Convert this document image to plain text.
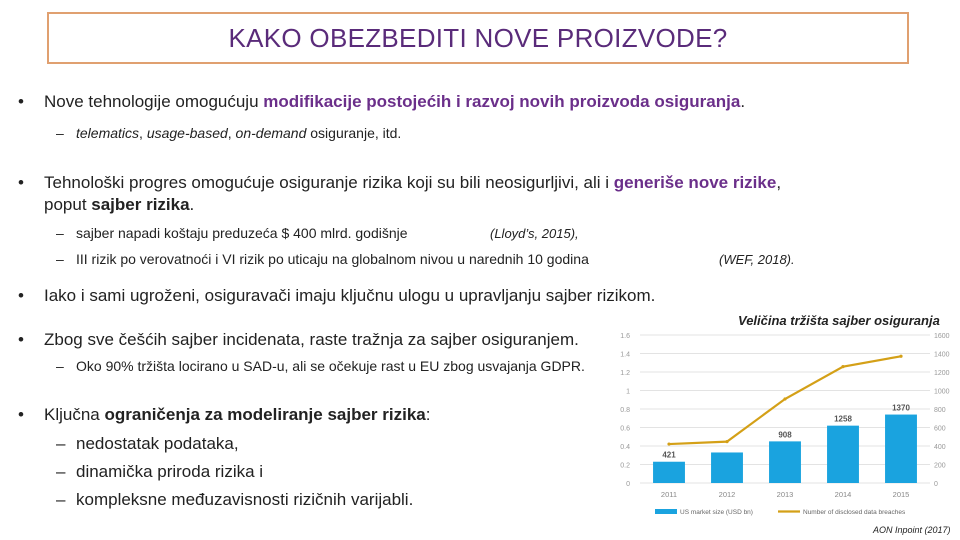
KAKO OBEZBEDITI NOVE PROIZVODE?
• Nove tehnologije omogućuju modifikacije postojećih i razvoj novih proizvoda osiguranja.
– telematics, usage-based, on-demand osiguranje, itd.
• Tehnološki progres omogućuje osiguranje rizika koji su bili neosigurljivi, ali i generiše nove rizike,
poput sajber rizika.
– sajber napadi koštaju preduzeća $ 400 mlrd. godišnje	(Lloyd’s, 2015),
– III rizik po verovatnoći i VI rizik po uticaju na globalnom nivou u narednih 10 godina	(WEF, 2018).
• Iako i sami ugroženi, osiguravači imaju ključnu ulogu u upravljanju sajber rizikom.
• Zbog sve češćih sajber incidenata, raste tražnja za sajber osiguranjem.
– Oko 90% tržišta locirano u SAD-u, ali se očekuje rast u EU zbog usvajanja GDPR.
• Ključna ograničenja za modeliranje sajber rizika:
– nedostatak podataka,
– dinamička priroda rizika i
– kompleksne međuzavisnosti rizičnih varijabli.
Veličina tržišta sajber osiguranja
0
0.2
0.4
0.6
0.8
1
1.2
1.4
1.6
0
200
400
600
800
1000
1200
1400
1600
421
908
1258
1370
2011	2012	2013	2014	2015
US market size (USD bn)	Number of disclosed data breaches
AON Inpoint (2017)
